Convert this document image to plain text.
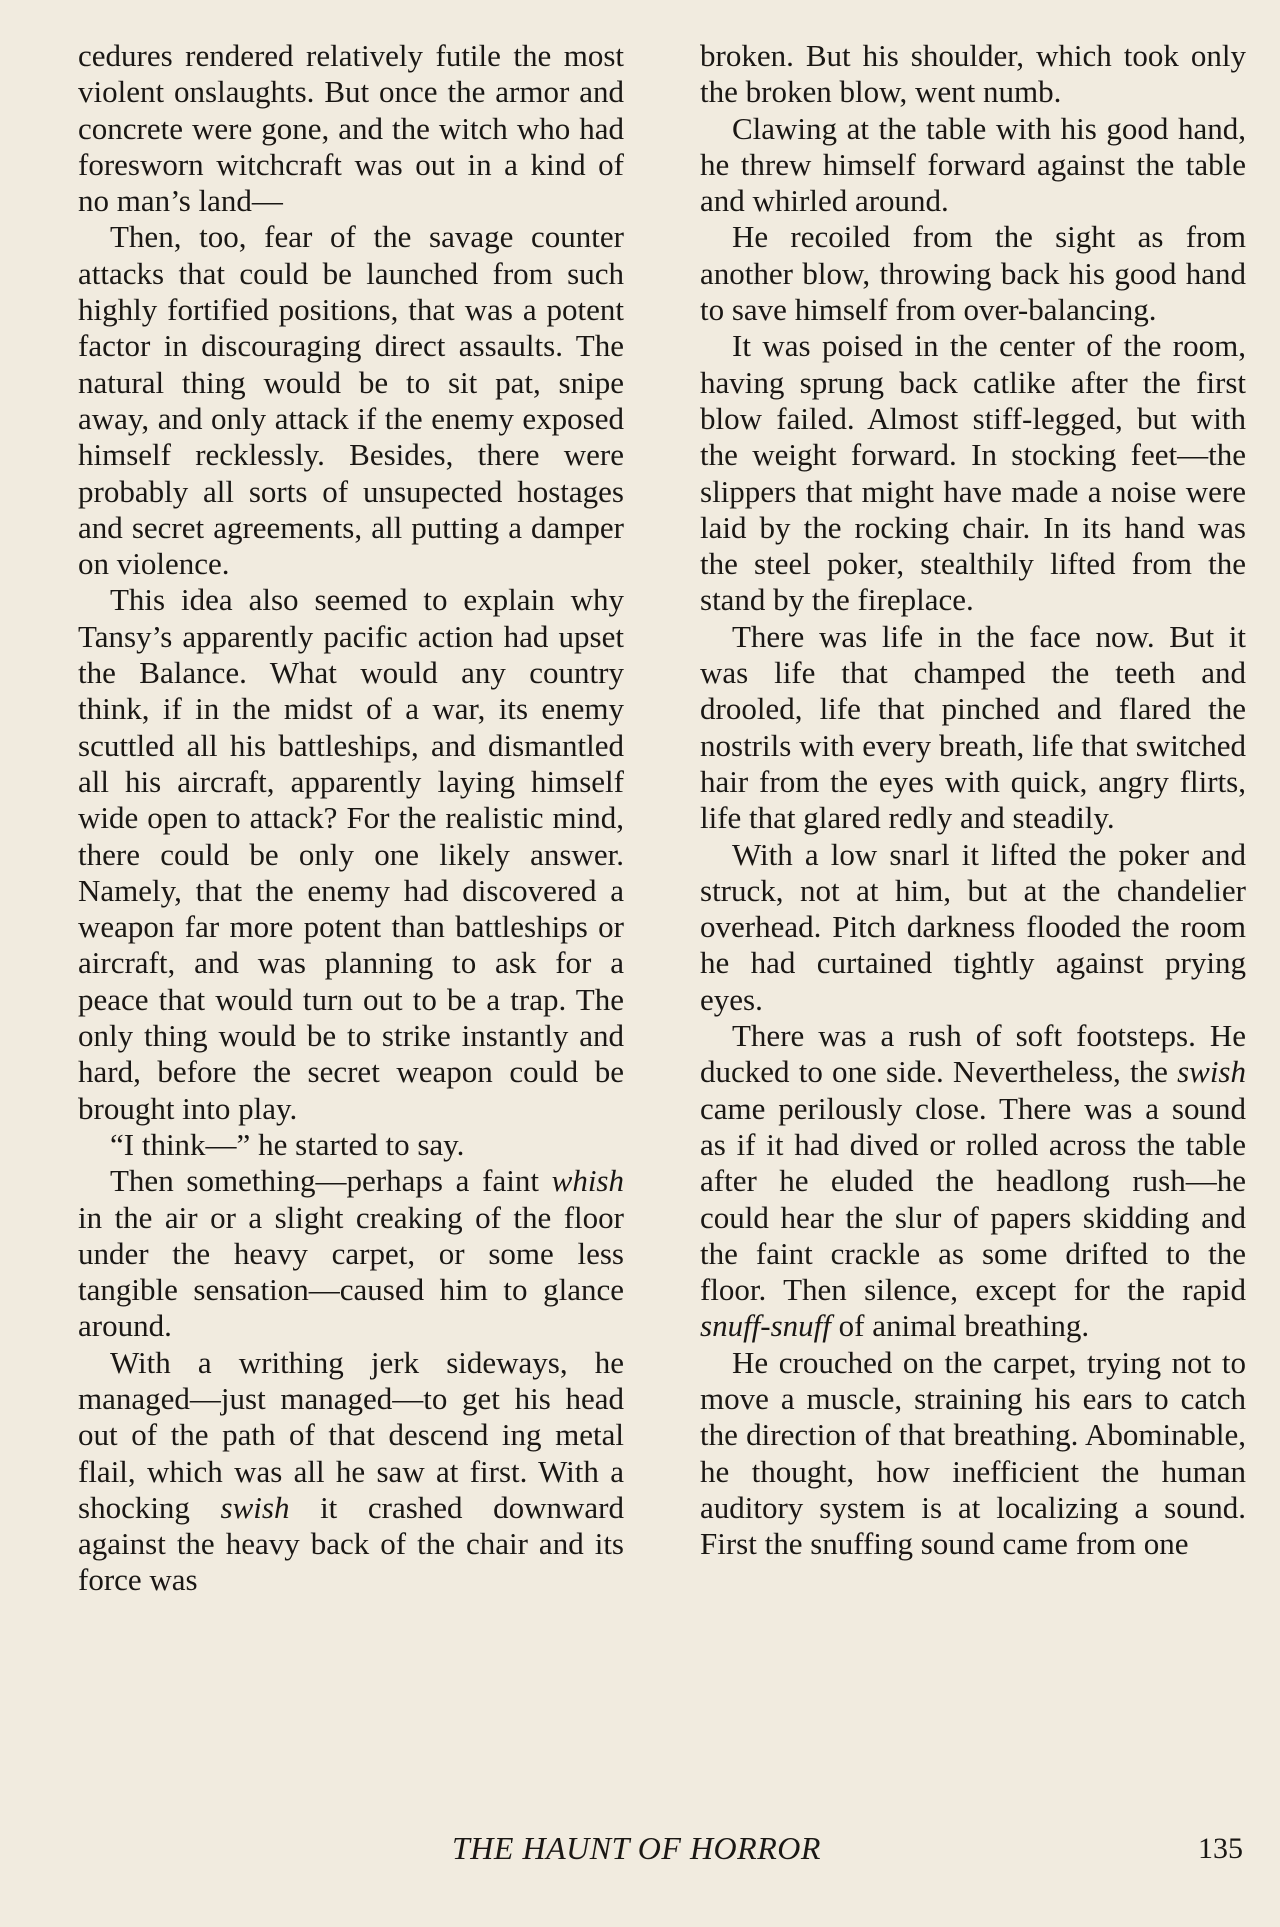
cedures rendered relatively futile the most violent onslaughts. But once the armor and concrete were gone, and the witch who had foresworn witchcraft was out in a kind of no man’s land—

Then, too, fear of the savage counter attacks that could be launched from such highly fortified positions, that was a potent factor in discouraging direct assaults. The natural thing would be to sit pat, snipe away, and only attack if the enemy exposed himself recklessly. Besides, there were probably all sorts of unsupected hostages and secret agreements, all putting a damper on violence.

This idea also seemed to explain why Tansy’s apparently pacific action had upset the Balance. What would any country think, if in the midst of a war, its enemy scuttled all his battleships, and dismantled all his aircraft, apparently laying himself wide open to attack? For the realistic mind, there could be only one likely answer. Namely, that the enemy had discovered a weapon far more potent than battleships or aircraft, and was planning to ask for a peace that would turn out to be a trap. The only thing would be to strike instantly and hard, before the secret weapon could be brought into play.

“I think—” he started to say.

Then something—perhaps a faint whish in the air or a slight creaking of the floor under the heavy carpet, or some less tangible sensation—caused him to glance around.

With a writhing jerk sideways, he managed—just managed—to get his head out of the path of that descend ing metal flail, which was all he saw at first. With a shocking swish it crashed downward against the heavy back of the chair and its force was

broken. But his shoulder, which took only the broken blow, went numb.

Clawing at the table with his good hand, he threw himself forward against the table and whirled around.

He recoiled from the sight as from another blow, throwing back his good hand to save himself from over-balancing.

It was poised in the center of the room, having sprung back catlike after the first blow failed. Almost stiff-legged, but with the weight forward. In stocking feet—the slippers that might have made a noise were laid by the rocking chair. In its hand was the steel poker, stealthily lifted from the stand by the fireplace.

There was life in the face now. But it was life that champed the teeth and drooled, life that pinched and flared the nostrils with every breath, life that switched hair from the eyes with quick, angry flirts, life that glared redly and steadily.

With a low snarl it lifted the poker and struck, not at him, but at the chandelier overhead. Pitch darkness flooded the room he had curtained tightly against prying eyes.

There was a rush of soft footsteps. He ducked to one side. Nevertheless, the swish came perilously close. There was a sound as if it had dived or rolled across the table after he eluded the headlong rush—he could hear the slur of papers skidding and the faint crackle as some drifted to the floor. Then silence, except for the rapid snuff-snuff of animal breathing.

He crouched on the carpet, trying not to move a muscle, straining his ears to catch the direction of that breathing. Abominable, he thought, how inefficient the human auditory system is at localizing a sound. First the snuffing sound came from one

THE HAUNT OF HORROR	135
